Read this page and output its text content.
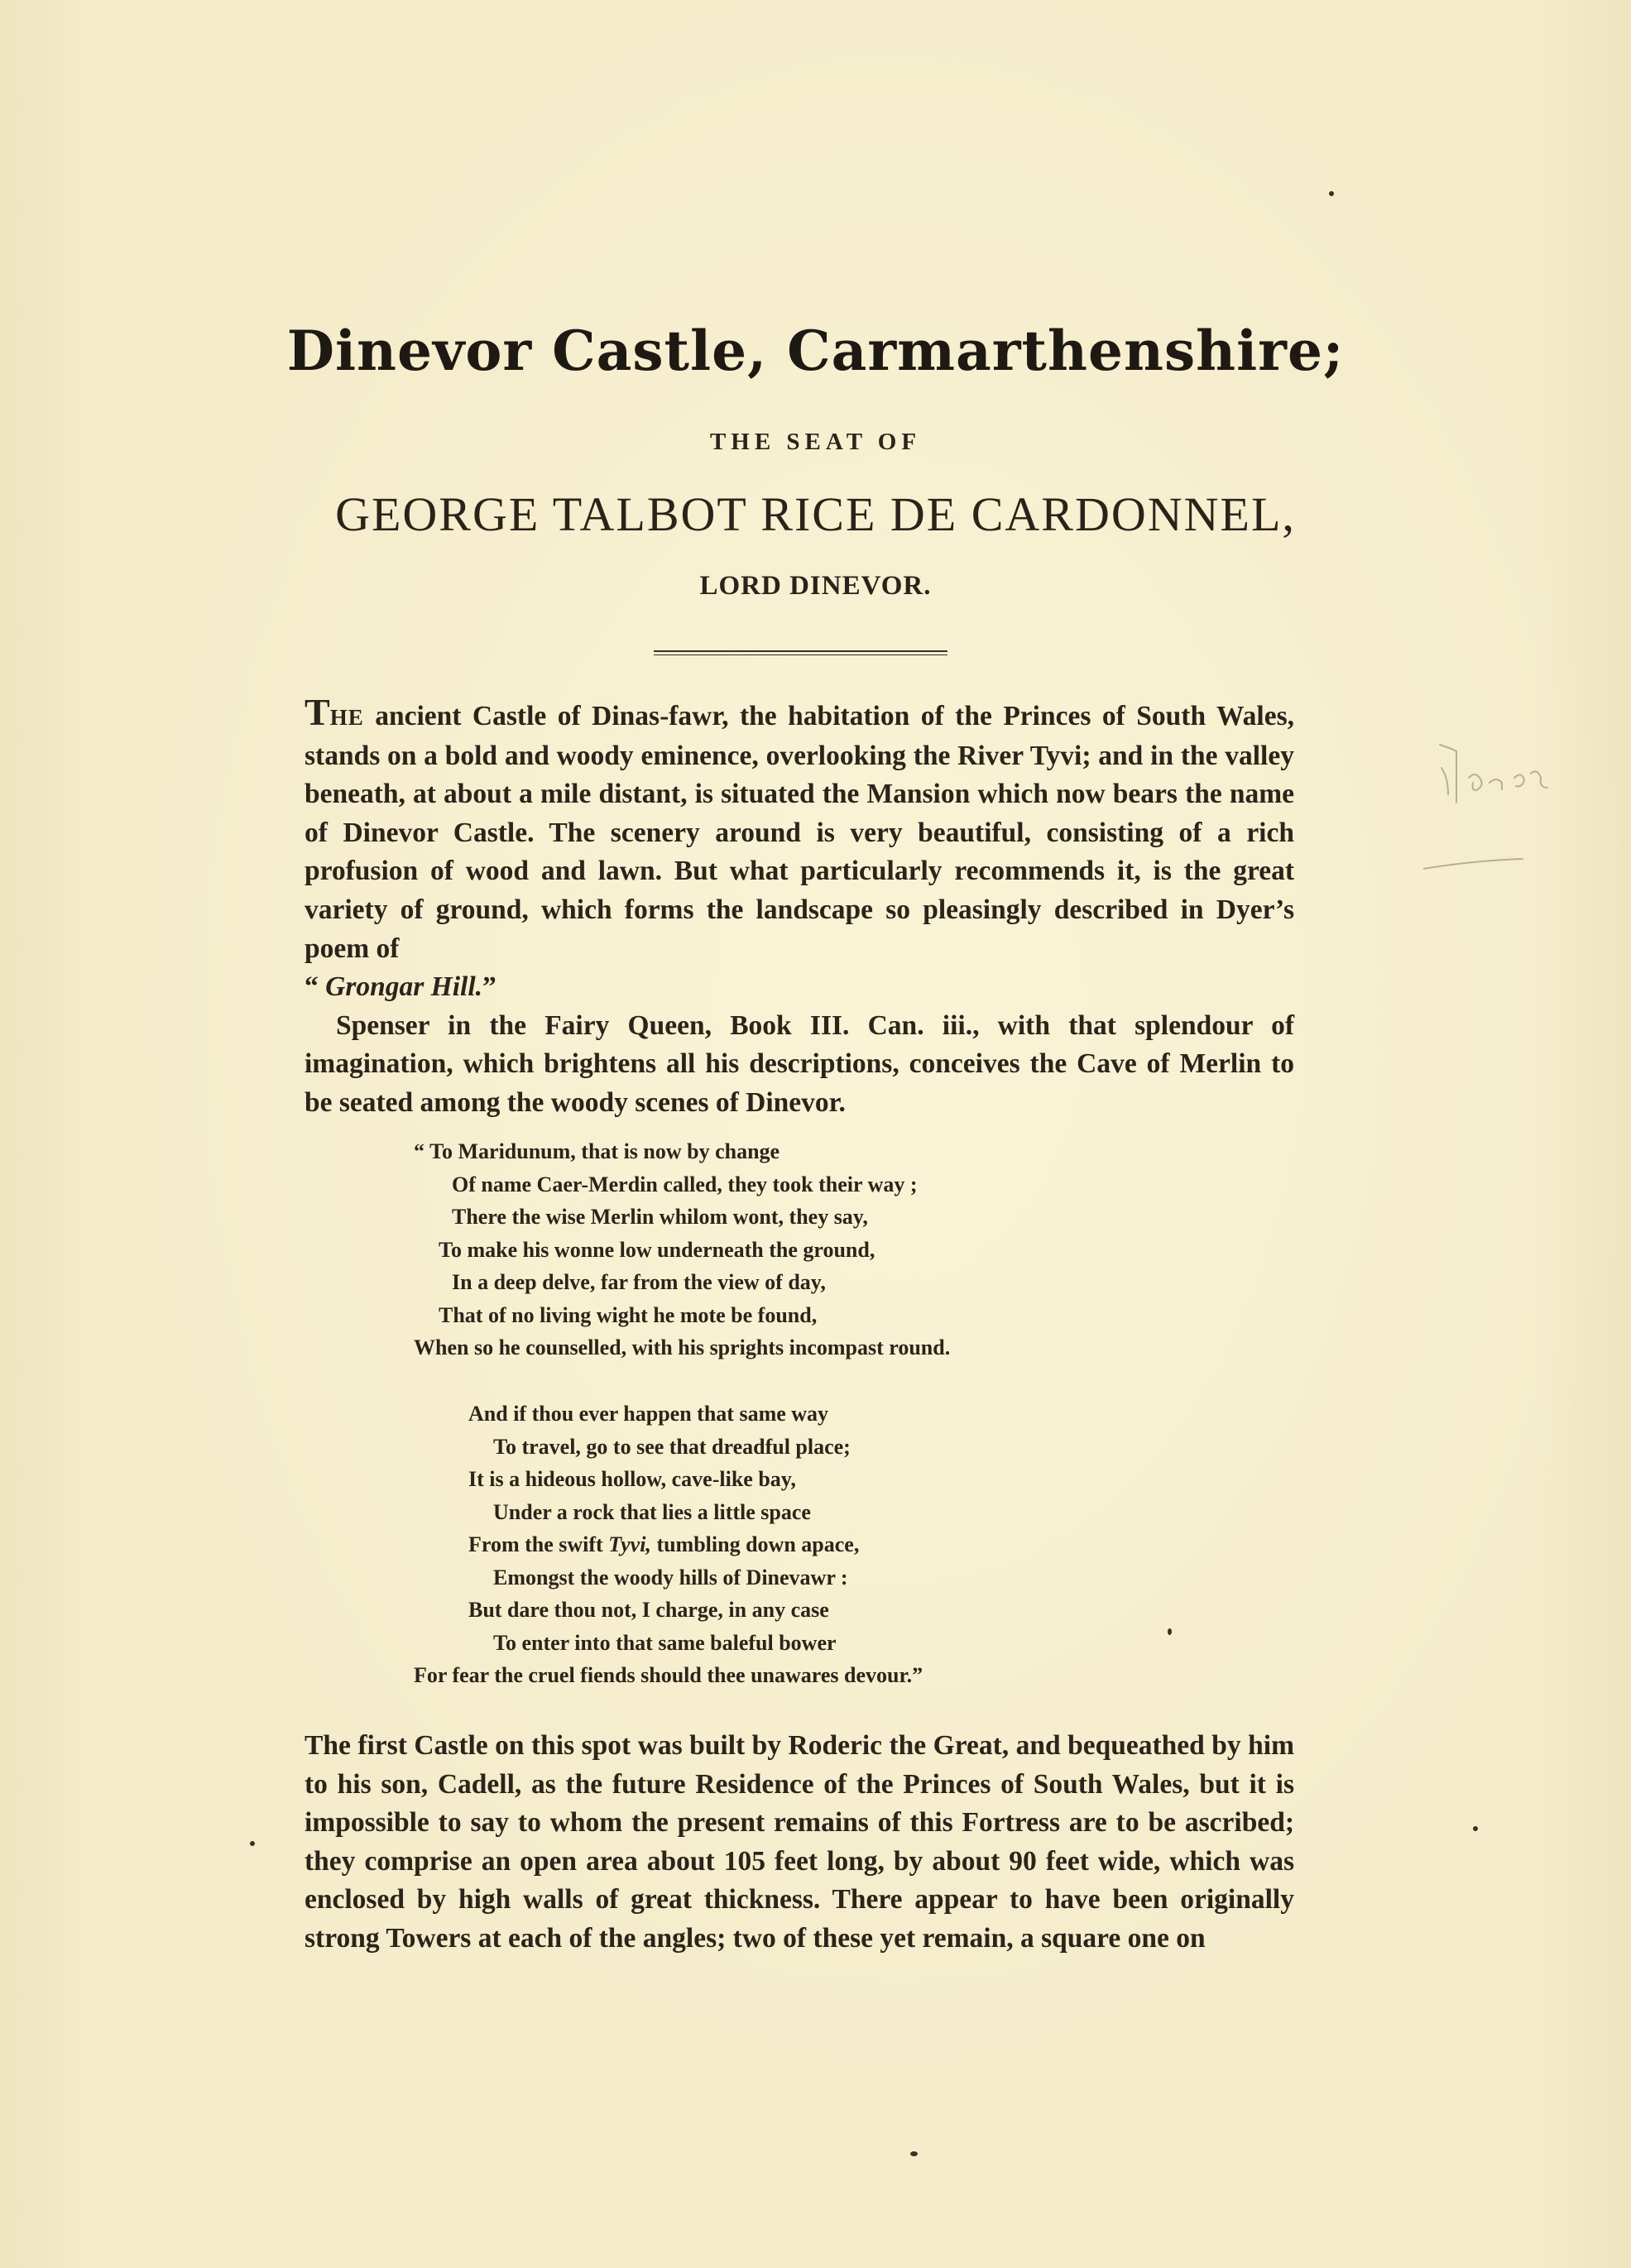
Dinevor Castle, Carmarthenshire;
THE SEAT OF
GEORGE TALBOT RICE DE CARDONNEL,
LORD DINEVOR.

THE ancient Castle of Dinas-fawr, the habitation of the Princes of South Wales, stands on a bold and woody eminence, overlooking the River Tyvi; and in the valley beneath, at about a mile distant, is situated the Mansion which now bears the name of Dinevor Castle. The scenery around is very beautiful, consisting of a rich profusion of wood and lawn. But what particularly recommends it, is the great variety of ground, which forms the landscape so pleasingly described in Dyer’s poem of
“ Grongar Hill.”

Spenser in the Fairy Queen, Book III. Can. iii., with that splendour of imagination, which brightens all his descriptions, conceives the Cave of Merlin to be seated among the woody scenes of Dinevor.

“ To Maridunum, that is now by change
Of name Caer-Merdin called, they took their way ;
There the wise Merlin whilom wont, they say,
To make his wonne low underneath the ground,
In a deep delve, far from the view of day,
That of no living wight he mote be found,
When so he counselled, with his sprights incompast round.
And if thou ever happen that same way
To travel, go to see that dreadful place;
It is a hideous hollow, cave-like bay,
Under a rock that lies a little space
From the swift Tyvi, tumbling down apace,
Emongst the woody hills of Dinevawr :
But dare thou not, I charge, in any case
To enter into that same baleful bower
For fear the cruel fiends should thee unawares devour.”

The first Castle on this spot was built by Roderic the Great, and bequeathed by him to his son, Cadell, as the future Residence of the Princes of South Wales, but it is impossible to say to whom the present remains of this Fortress are to be ascribed; they comprise an open area about 105 feet long, by about 90 feet wide, which was enclosed by high walls of great thickness. There appear to have been originally strong Towers at each of the angles; two of these yet remain, a square one on
